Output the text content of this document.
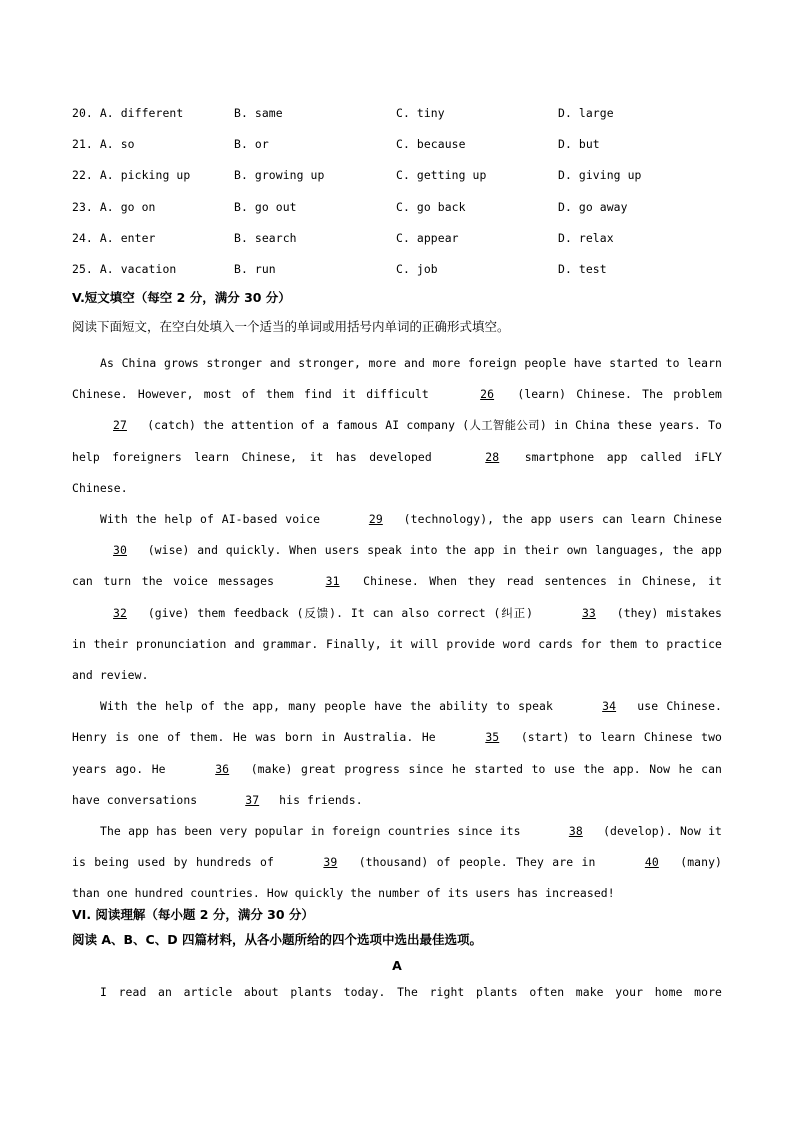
20. A. different	B. same	C. tiny	D. large
21. A. so	B. or	C. because	D. but
22. A. picking up	B. growing up	C. getting up	D. giving up
23. A. go on	B. go out	C. go back	D. go away
24. A. enter	B. search	C. appear	D. relax
25. A. vacation	B. run	C. job	D. test
V.短文填空（每空 2 分，满分 30 分）
阅读下面短文，在空白处填入一个适当的单词或用括号内单词的正确形式填空。

As China grows stronger and stronger, more and more foreign people have started to learn Chinese. However, most of them find it difficult	26 (learn) Chinese. The problem 27 (catch) the attention of a famous AI company (人工智能公司) in China these years. To help foreigners learn Chinese, it has developed	28 smartphone app called iFLY Chinese.

With the help of AI-based voice	29 (technology), the app users can learn Chinese 30 (wise) and quickly. When users speak into the app in their own languages, the app can turn the voice messages	31 Chinese. When they read sentences in Chinese, it 32 (give) them feedback (反馈). It can also correct (纠正)	33 (they) mistakes in their pronunciation and grammar. Finally, it will provide word cards for them to practice and review.

With the help of the app, many people have the ability to speak	34 use Chinese. Henry is one of them. He was born in Australia. He	35 (start) to learn Chinese two years ago. He	36 (make) great progress since he started to use the app. Now he can have conversations	37 his friends.

The app has been very popular in foreign countries since its	38 (develop). Now it is being used by hundreds of	39 (thousand) of people. They are in	40 (many) than one hundred countries. How quickly the number of its users has increased!

VI. 阅读理解（每小题 2 分，满分 30 分）
阅读 A、B、C、D 四篇材料，从各小题所给的四个选项中选出最佳选项。
A
I read an article about plants today. The right plants often make your home more
